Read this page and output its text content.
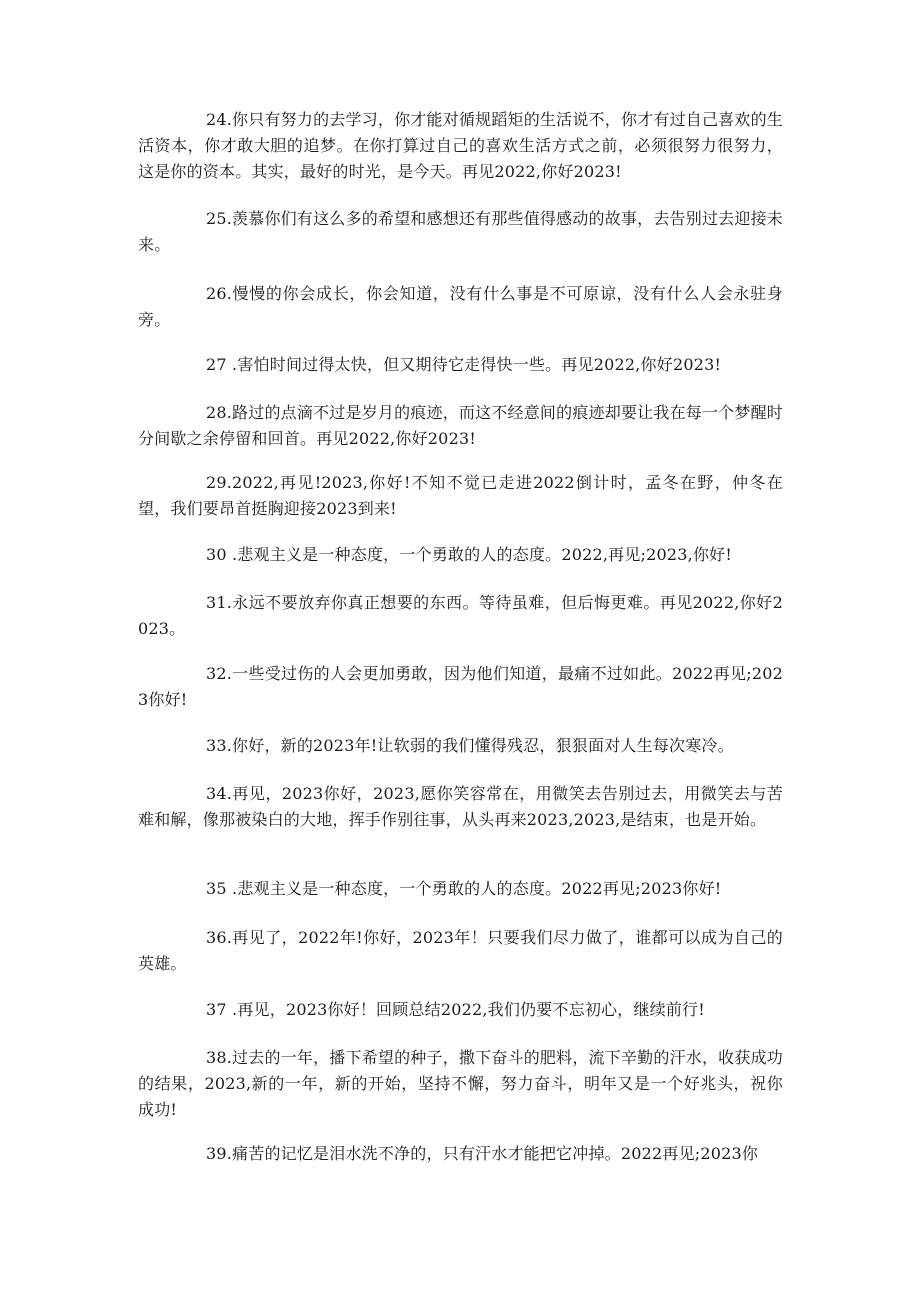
24.你只有努力的去学习，你才能对循规蹈矩的生活说不，你才有过自己喜欢的生活资本，你才敢大胆的追梦。在你打算过自己的喜欢生活方式之前，必须很努力很努力，这是你的资本。其实，最好的时光，是今天。再见2022,你好2023!

25.羡慕你们有这么多的希望和感想还有那些值得感动的故事，去告别过去迎接未来。

26.慢慢的你会成长，你会知道，没有什么事是不可原谅，没有什么人会永驻身旁。

27 .害怕时间过得太快，但又期待它走得快一些。再见2022,你好2023!

28.路过的点滴不过是岁月的痕迹，而这不经意间的痕迹却要让我在每一个梦醒时分间歇之余停留和回首。再见2022,你好2023!

29.2022,再见!2023,你好!不知不觉已走进2022倒计时，孟冬在野，仲冬在望，我们要昂首挺胸迎接2023到来!

30 .悲观主义是一种态度，一个勇敢的人的态度。2022,再见;2023,你好!

31.永远不要放弃你真正想要的东西。等待虽难，但后悔更难。再见2022,你好2023。

32.一些受过伤的人会更加勇敢，因为他们知道，最痛不过如此。2022再见;2023你好!

33.你好，新的2023年!让软弱的我们懂得残忍，狠狠面对人生每次寒冷。

34.再见，2023你好，2023,愿你笑容常在，用微笑去告别过去，用微笑去与苦难和解，像那被染白的大地，挥手作别往事，从头再来2023,2023,是结束，也是开始。

35 .悲观主义是一种态度，一个勇敢的人的态度。2022再见;2023你好!

36.再见了，2022年!你好，2023年！只要我们尽力做了，谁都可以成为自己的英雄。

37 .再见，2023你好！回顾总结2022,我们仍要不忘初心，继续前行!

38.过去的一年，播下希望的种子，撒下奋斗的肥料，流下辛勤的汗水，收获成功的结果，2023,新的一年，新的开始，坚持不懈，努力奋斗，明年又是一个好兆头，祝你成功!

39.痛苦的记忆是泪水洗不净的，只有汗水才能把它冲掉。2022再见;2023你
